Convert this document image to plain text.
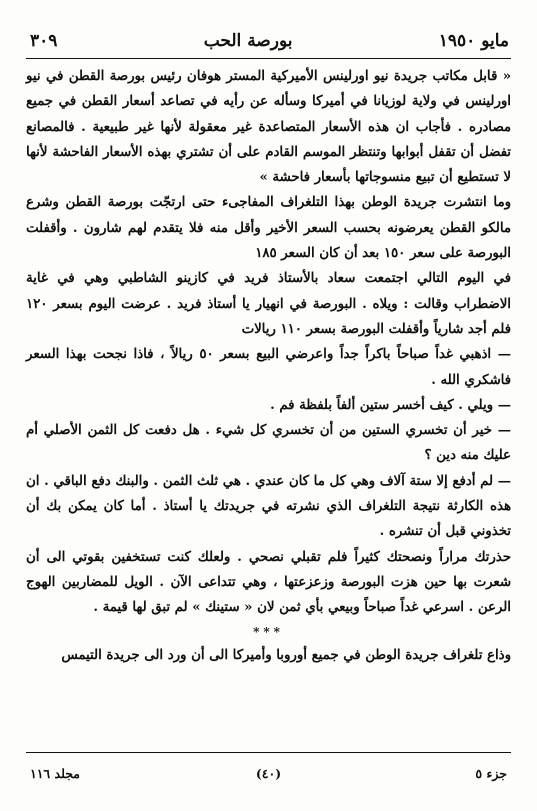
مايو ١٩٥٠
بورصة الحب
٣٠٩

« قابل مكاتب جريدة نيو اورلينس الأميركية المستر هوفان رئيس بورصة القطن في نيو اورلينس في ولاية لوزيانا في أميركا وسأله عن رأيه في تصاعد أسعار القطن في جميع مصادره . فأجاب ان هذه الأسعار المتصاعدة غير معقولة لأنها غير طبيعية . فالمصانع تفضل أن تقفل أبوابها وتنتظر الموسم القادم على أن تشتري بهذه الأسعار الفاحشة لأنها لا تستطيع أن تبيع منسوجاتها بأسعار فاحشة »

وما انتشرت جريدة الوطن بهذا التلغراف المفاجىء حتى ارتجّت بورصة القطن وشرع مالكو القطن يعرضونه بحسب السعر الأخير وأقل منه فلا يتقدم لهم شارون . وأقفلت البورصة على سعر ١٥٠ بعد أن كان السعر ١٨٥

في اليوم التالي اجتمعت سعاد بالأستاذ فريد في كازينو الشاطبي وهي في غاية الاضطراب وقالت : ويلاه . البورصة في انهيار يا أستاذ فريد . عرضت اليوم بسعر ١٢٠ فلم أجد شارياً وأقفلت البورصة بسعر ١١٠ ريالات

— اذهبي غداً صباحاً باكراً جداً واعرضي البيع بسعر ٥٠ ريالاً ، فاذا نجحت بهذا السعر فاشكري الله .

— ويلي . كيف أخسر ستين ألفاً بلفظة فم .

— خير أن تخسري الستين من أن تخسري كل شيء . هل دفعت كل الثمن الأصلي أم عليك منه دين ؟

— لم أدفع إلا ستة آلاف وهي كل ما كان عندي . هي ثلث الثمن . والبنك دفع الباقي . ان هذه الكارثة نتيجة التلغراف الذي نشرته في جريدتك يا أستاذ . أما كان يمكن بك أن تخذوني قبل أن تنشره .

حذرتك مراراً ونصحتك كثيراً فلم تقبلي نصحي . ولعلك كنت تستخفين بقوتي الى أن شعرت بها حين هزت البورصة وزعزعتها ، وهي تتداعى الآن . الويل للمضاربين الهوج الرعن . اسرعي غداً صباحاً وبيعي بأي ثمن لان « ستينك » لم تبق لها قيمة .

***

وذاع تلغراف جريدة الوطن في جميع أوروبا وأميركا الى أن ورد الى جريدة التيمس

جزء ٥
(٤٠)
مجلد ١١٦
